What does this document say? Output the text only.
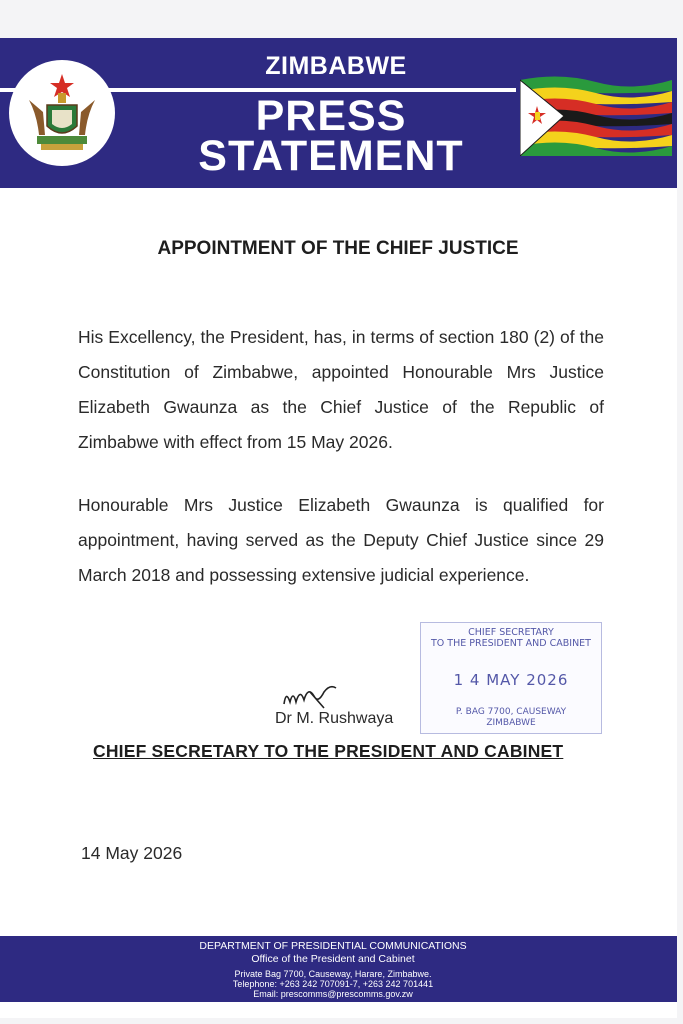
ZIMBABWE
PRESS
STATEMENT
APPOINTMENT OF THE CHIEF JUSTICE

His Excellency, the President, has, in terms of section 180 (2) of the Constitution of Zimbabwe, appointed Honourable Mrs Justice Elizabeth Gwaunza as the Chief Justice of the Republic of Zimbabwe with effect from 15 May 2026.

Honourable Mrs Justice Elizabeth Gwaunza is qualified for appointment, having served as the Deputy Chief Justice since 29 March 2018 and possessing extensive judicial experience.

CHIEF SECRETARY
TO THE PRESIDENT AND CABINET
1 4 MAY 2026
P. BAG 7700, CAUSEWAY
ZIMBABWE
Dr M. Rushwaya
CHIEF SECRETARY TO THE PRESIDENT AND CABINET
14 May 2026
DEPARTMENT OF PRESIDENTIAL COMMUNICATIONS
Office of the President and Cabinet
Private Bag 7700, Causeway, Harare, Zimbabwe.
Telephone: +263 242 707091-7, +263 242 701441
Email: prescomms@prescomms.gov.zw
